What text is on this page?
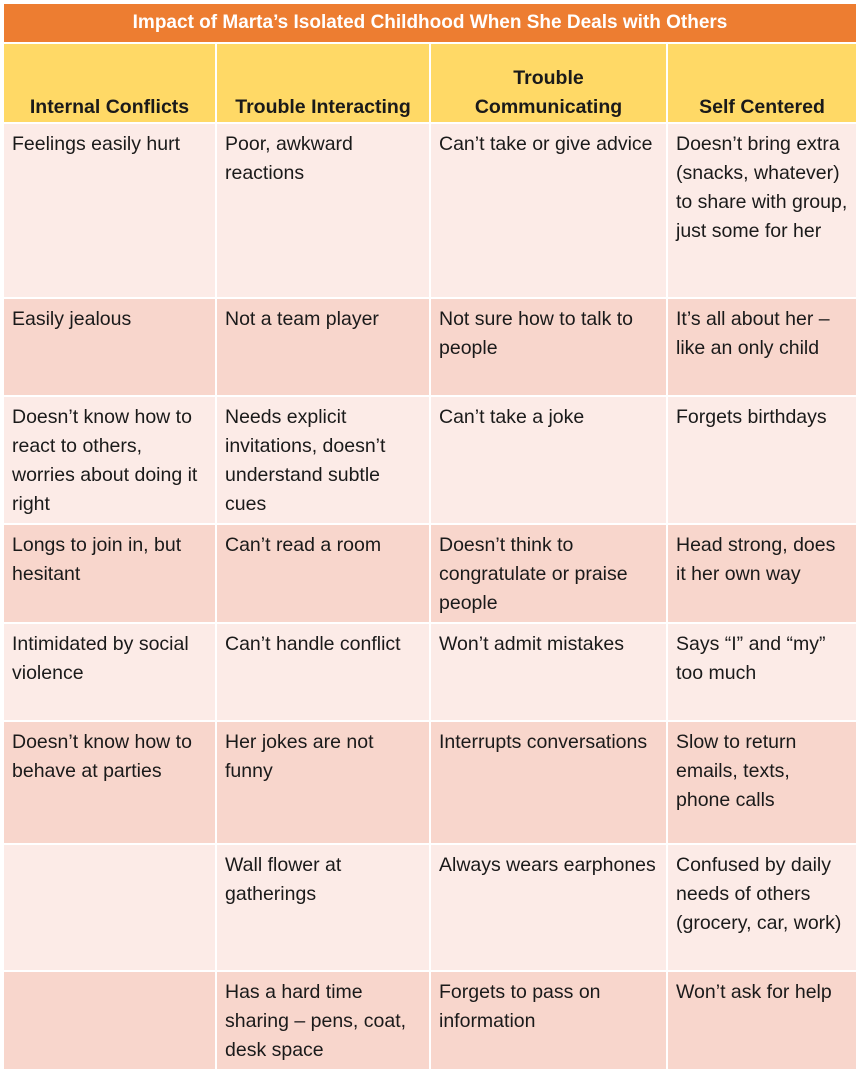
Impact of Marta’s Isolated Childhood When She Deals with Others			
Internal Conflicts	Trouble Interacting	Trouble Communicating	Self Centered
Feelings easily hurt	Poor, awkward reactions	Can’t take or give advice	Doesn’t bring extra (snacks, whatever) to share with group, just some for her
Easily jealous	Not a team player	Not sure how to talk to people	It’s all about her – like an only child
Doesn’t know how to react to others, worries about doing it right	Needs explicit invitations, doesn’t understand subtle cues	Can’t take a joke	Forgets birthdays
Longs to join in, but hesitant	Can’t read a room	Doesn’t think to congratulate or praise people	Head strong, does it her own way
Intimidated by social violence	Can’t handle conflict	Won’t admit mistakes	Says “I” and “my” too much
Doesn’t know how to behave at parties	Her jokes are not funny	Interrupts conversations	Slow to return emails, texts, phone calls
	Wall flower at gatherings	Always wears earphones	Confused by daily needs of others (grocery, car, work)
	Has a hard time sharing – pens, coat, desk space	Forgets to pass on information	Won’t ask for help
